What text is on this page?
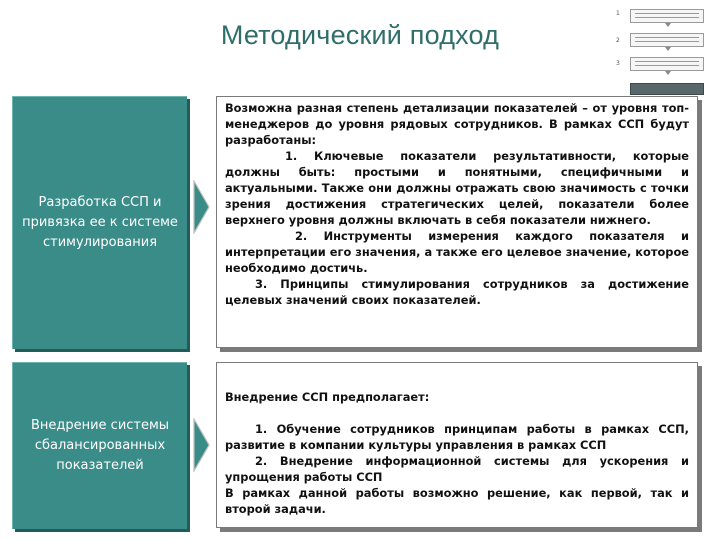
Методический подход
1
2
3
Разработка ССП и привязка ее к системе стимулирования

Возможна разная степень детализации показателей – от уровня топ-менеджеров до уровня рядовых сотрудников. В рамках ССП будут разработаны:

1. Ключевые показатели результативности, которые должны быть: простыми и понятными, специфичными и актуальными. Также они должны отражать свою значимость с точки зрения достижения стратегических целей, показатели более верхнего уровня должны включать в себя показатели нижнего.

2. Инструменты измерения каждого показателя и интерпретации его значения, а также его целевое значение, которое необходимо достичь.

3. Принципы стимулирования сотрудников за достижение целевых значений своих показателей.

Внедрение системы сбалансированных показателей

Внедрение ССП предполагает:

1. Обучение сотрудников принципам работы в рамках ССП, развитие в компании культуры управления в рамках ССП

2. Внедрение информационной системы для ускорения и упрощения работы ССП

В рамках данной работы возможно решение, как первой, так и второй задачи.
